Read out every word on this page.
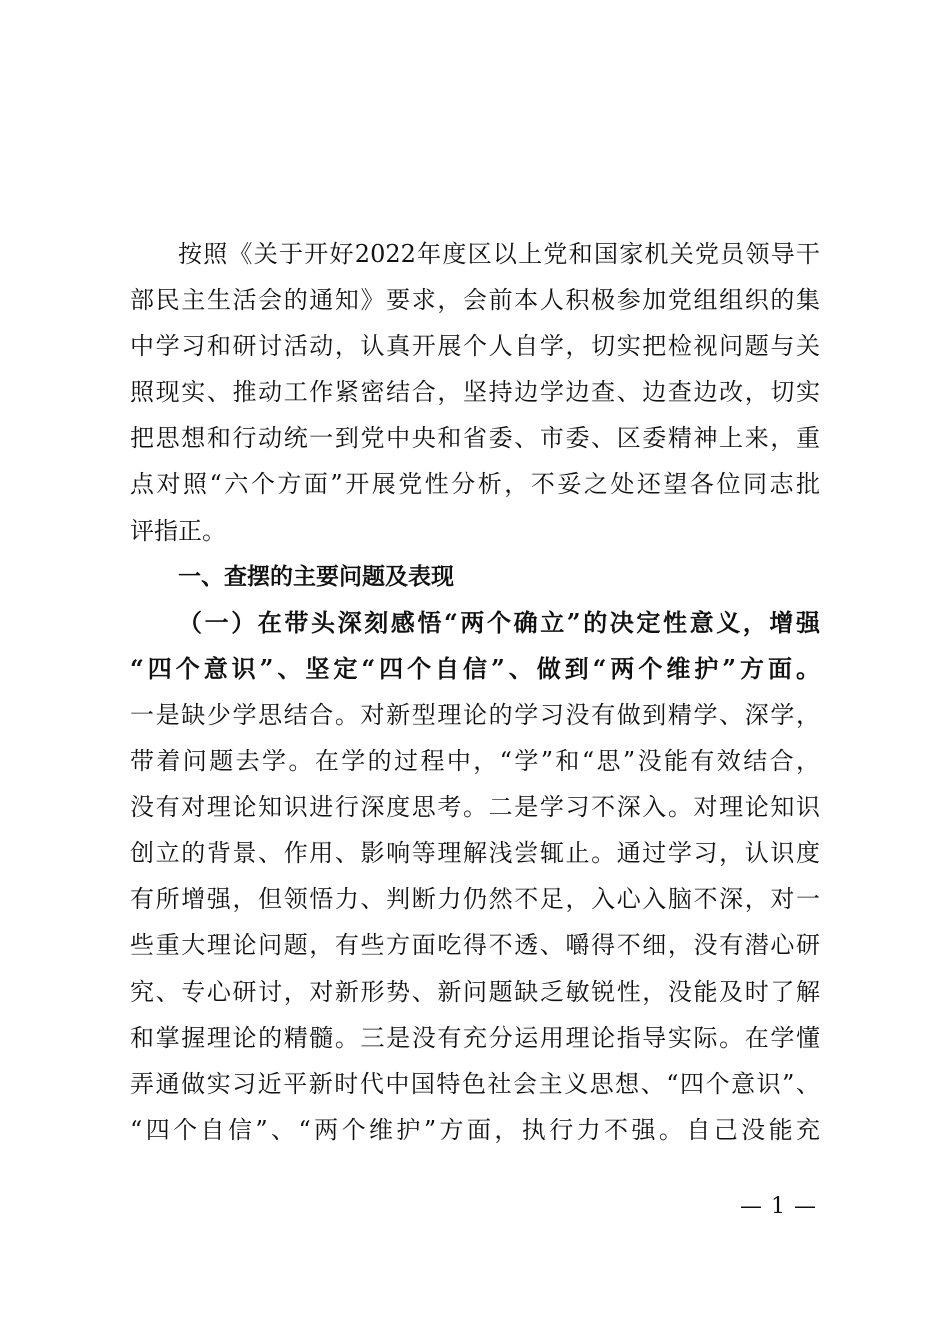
按照《关于开好2022年度区以上党和国家机关党员领导干
部民主生活会的通知》要求，会前本人积极参加党组组织的集
中学习和研讨活动，认真开展个人自学，切实把检视问题与关
照现实、推动工作紧密结合，坚持边学边查、边查边改，切实
把思想和行动统一到党中央和省委、市委、区委精神上来，重
点对照“六个方面”开展党性分析，不妥之处还望各位同志批
评指正。
一、查摆的主要问题及表现
（一）在带头深刻感悟“两个确立”的决定性意义，增强
“四个意识”、坚定“四个自信”、做到“两个维护”方面。
一是缺少学思结合。对新型理论的学习没有做到精学、深学，
带着问题去学。在学的过程中，“学”和“思”没能有效结合，
没有对理论知识进行深度思考。二是学习不深入。对理论知识
创立的背景、作用、影响等理解浅尝辄止。通过学习，认识度
有所增强，但领悟力、判断力仍然不足，入心入脑不深，对一
些重大理论问题，有些方面吃得不透、嚼得不细，没有潜心研
究、专心研讨，对新形势、新问题缺乏敏锐性，没能及时了解
和掌握理论的精髓。三是没有充分运用理论指导实际。在学懂
弄通做实习近平新时代中国特色社会主义思想、“四个意识”、
“四个自信”、“两个维护”方面，执行力不强。自己没能充
— 1 —
